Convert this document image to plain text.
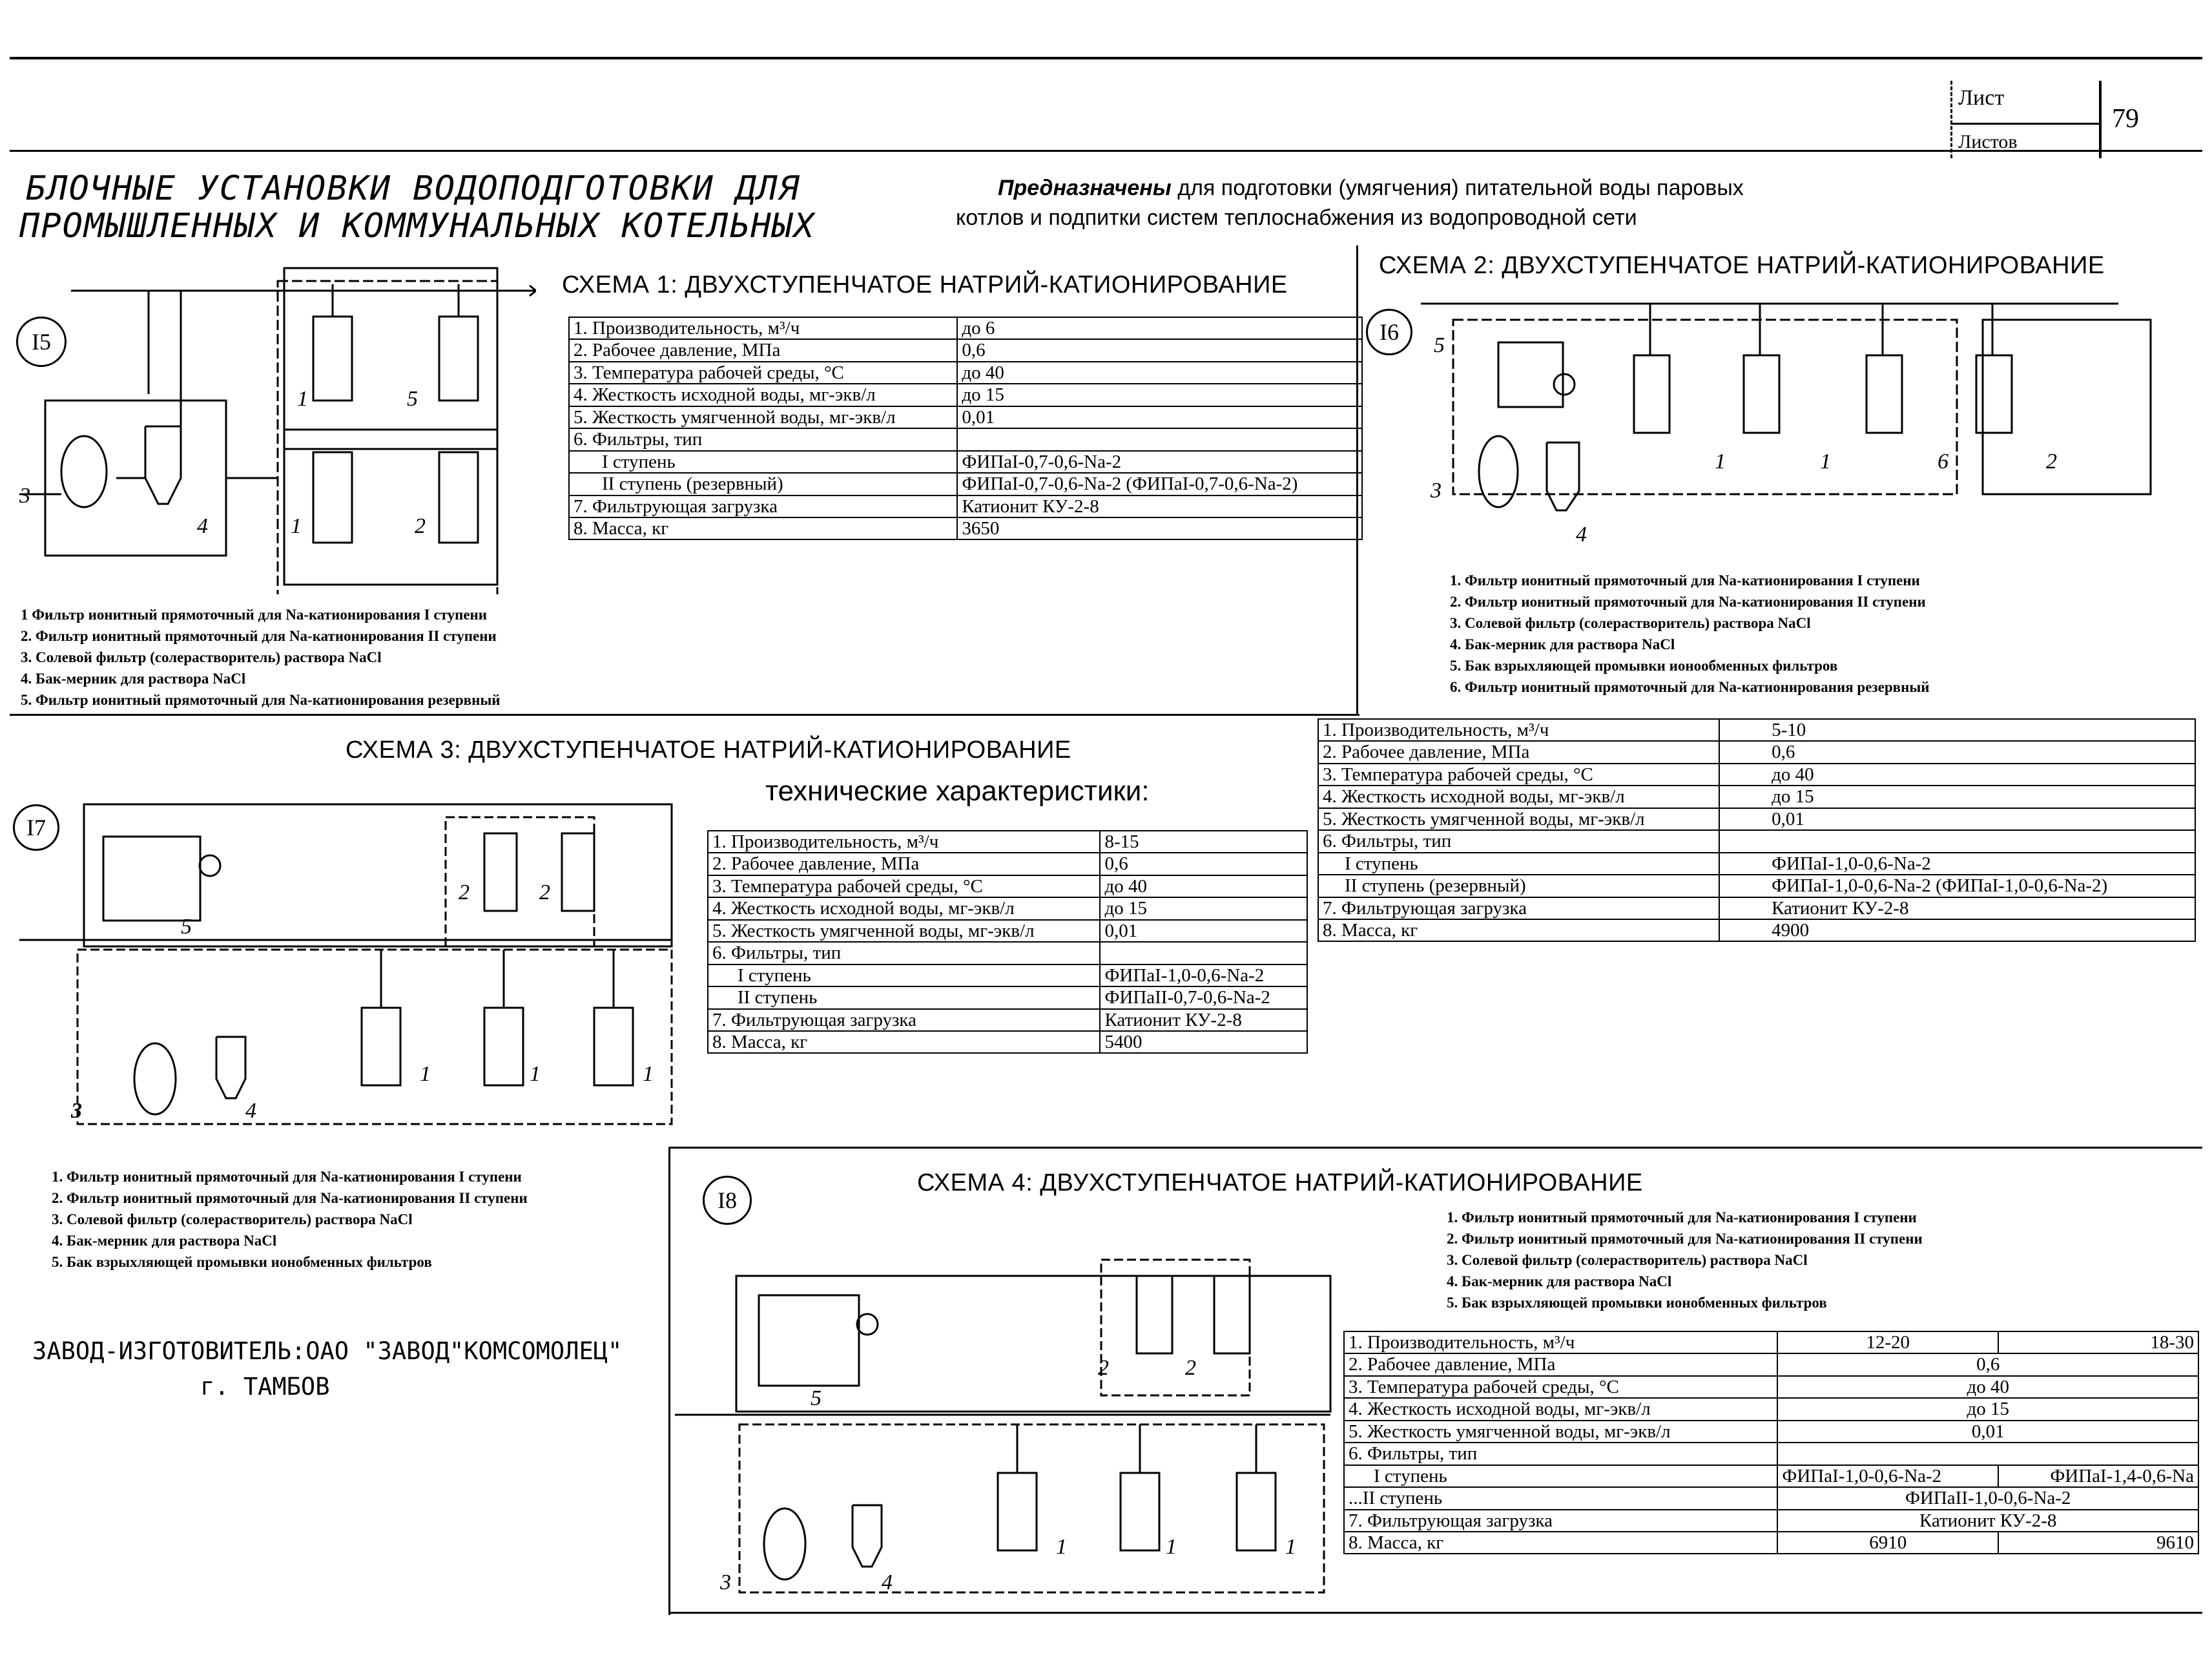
Лист
Листов
79
БЛОЧНЫЕ УСТАНОВКИ ВОДОПОДГОТОВКИ ДЛЯ
ПРОМЫШЛЕННЫХ И КОММУНАЛЬНЫХ КОТЕЛЬНЫХ
Предназначены для подготовки (умягчения) питательной воды паровых
котлов и подпитки систем теплоснабжения из водопроводной сети
I5
СХЕМА 1: ДВУХСТУПЕНЧАТОЕ НАТРИЙ-КАТИОНИРОВАНИЕ
1	5
1	2
3
4
1. Производительность, м³/ч	до 6
2. Рабочее давление, МПа	0,6
3. Температура рабочей среды, °С	до 40
4. Жесткость исходной воды, мг-экв/л	до 15
5. Жесткость умягченной воды, мг-экв/л	0,01
6. Фильтры, тип	
I ступень	ФИПаI-0,7-0,6-Na-2
II ступень (резервный)	ФИПаI-0,7-0,6-Na-2 (ФИПаI-0,7-0,6-Na-2)
7. Фильтрующая загрузка	Катионит КУ-2-8
8. Масса, кг	3650
1 Фильтр ионитный прямоточный для Na-катионирования I ступени
2. Фильтр ионитный прямоточный для Na-катионирования II ступени
3. Солевой фильтр (солерастворитель) раствора NaCl
4. Бак-мерник для раствора NaCl
5. Фильтр ионитный прямоточный для Na-катионирования резервный
СХЕМА 2: ДВУХСТУПЕНЧАТОЕ НАТРИЙ-КАТИОНИРОВАНИЕ
I6
5
1	1	6	2
3
4
1. Фильтр ионитный прямоточный для Na-катионирования I ступени
2. Фильтр ионитный прямоточный для Na-катионирования II ступени
3. Солевой фильтр (солерастворитель) раствора NaCl
4. Бак-мерник для раствора NaCl
5. Бак взрыхляющей промывки ионообменных фильтров
6. Фильтр ионитный прямоточный для Na-катионирования резервный
1. Производительность, м³/ч	5-10
2. Рабочее давление, МПа	0,6
3. Температура рабочей среды, °С	до 40
4. Жесткость исходной воды, мг-экв/л	до 15
5. Жесткость умягченной воды, мг-экв/л	0,01
6. Фильтры, тип	
I ступень	ФИПаI-1,0-0,6-Na-2
II ступень (резервный)	ФИПаI-1,0-0,6-Na-2 (ФИПаI-1,0-0,6-Na-2)
7. Фильтрующая загрузка	Катионит КУ-2-8
8. Масса, кг	4900
СХЕМА 3: ДВУХСТУПЕНЧАТОЕ НАТРИЙ-КАТИОНИРОВАНИЕ
технические характеристики:
I7
2	2
5
1	1	1
3	4
1. Производительность, м³/ч	8-15
2. Рабочее давление, МПа	0,6
3. Температура рабочей среды, °С	до 40
4. Жесткость исходной воды, мг-экв/л	до 15
5. Жесткость умягченной воды, мг-экв/л	0,01
6. Фильтры, тип	
I ступень	ФИПаI-1,0-0,6-Na-2
II ступень	ФИПаII-0,7-0,6-Na-2
7. Фильтрующая загрузка	Катионит КУ-2-8
8. Масса, кг	5400
1. Фильтр ионитный прямоточный для Na-катионирования I ступени
2. Фильтр ионитный прямоточный для Na-катионирования II ступени
3. Солевой фильтр (солерастворитель) раствора NaCl
4. Бак-мерник для раствора NaCl
5. Бак взрыхляющей промывки ионобменных фильтров
ЗАВОД-ИЗГОТОВИТЕЛЬ:ОАО "ЗАВОД"КОМСОМОЛЕЦ"
г. ТАМБОВ
I8
СХЕМА 4: ДВУХСТУПЕНЧАТОЕ НАТРИЙ-КАТИОНИРОВАНИЕ
1. Фильтр ионитный прямоточный для Na-катионирования I ступени
2. Фильтр ионитный прямоточный для Na-катионирования II ступени
3. Солевой фильтр (солерастворитель) раствора NaCl
4. Бак-мерник для раствора NaCl
5. Бак взрыхляющей промывки ионобменных фильтров
2	2
5
1	1	1
3	4
1. Производительность, м³/ч	12-20	18-30
2. Рабочее давление, МПа	0,6	
3. Температура рабочей среды, °С	до 40	
4. Жесткость исходной воды, мг-экв/л	до 15	
5. Жесткость умягченной воды, мг-экв/л	0,01	
6. Фильтры, тип		
I ступень	ФИПаI-1,0-0,6-Na-2	ФИПаI-1,4-0,6-Na
...II ступень	ФИПаII-1,0-0,6-Na-2	
7. Фильтрующая загрузка	Катионит КУ-2-8	
8. Масса, кг	6910	9610
